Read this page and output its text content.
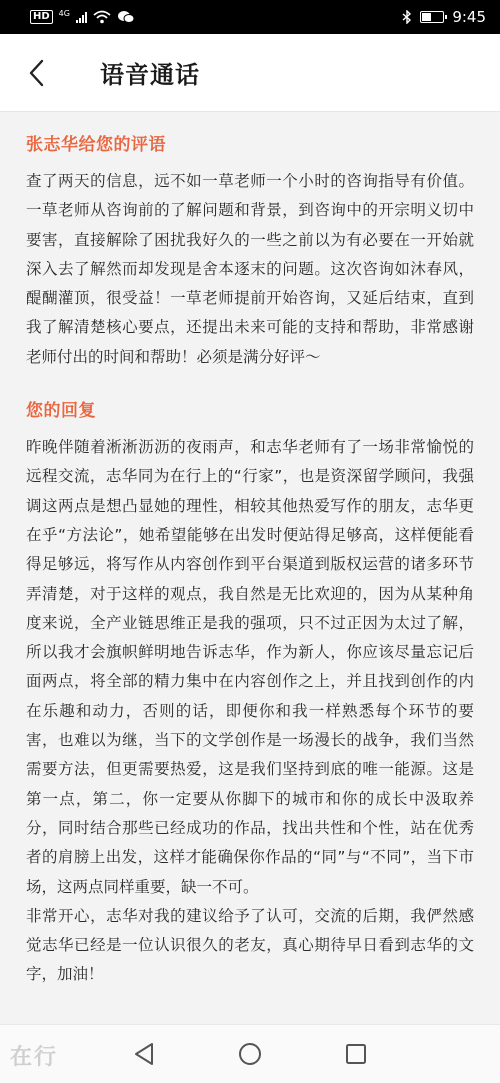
HD	4G	9:45
语音通话
张志华给您的评语
查了两天的信息，远不如一草老师一个小时的咨询指导有价值。一草老师从咨询前的了解问题和背景，到咨询中的开宗明义切中要害，直接解除了困扰我好久的一些之前以为有必要在一开始就深入去了解然而却发现是舍本逐末的问题。这次咨询如沐春风，醍醐灌顶，很受益！一草老师提前开始咨询，又延后结束，直到我了解清楚核心要点，还提出未来可能的支持和帮助，非常感谢老师付出的时间和帮助！必须是满分好评～
您的回复
昨晚伴随着淅淅沥沥的夜雨声，和志华老师有了一场非常愉悦的远程交流，志华同为在行上的“行家”，也是资深留学顾问，我强调这两点是想凸显她的理性，相较其他热爱写作的朋友，志华更在乎“方法论”，她希望能够在出发时便站得足够高，这样便能看得足够远，将写作从内容创作到平台渠道到版权运营的诸多环节弄清楚，对于这样的观点，我自然是无比欢迎的，因为从某种角度来说，全产业链思维正是我的强项，只不过正因为太过了解，所以我才会旗帜鲜明地告诉志华，作为新人，你应该尽量忘记后面两点，将全部的精力集中在内容创作之上，并且找到创作的内在乐趣和动力，否则的话，即便你和我一样熟悉每个环节的要害，也难以为继，当下的文学创作是一场漫长的战争，我们当然需要方法，但更需要热爱，这是我们坚持到底的唯一能源。这是第一点，第二，你一定要从你脚下的城市和你的成长中汲取养分，同时结合那些已经成功的作品，找出共性和个性，站在优秀者的肩膀上出发，这样才能确保你作品的“同”与“不同”，当下市场，这两点同样重要，缺一不可。
非常开心，志华对我的建议给予了认可，交流的后期，我俨然感觉志华已经是一位认识很久的老友，真心期待早日看到志华的文字，加油！
在行
